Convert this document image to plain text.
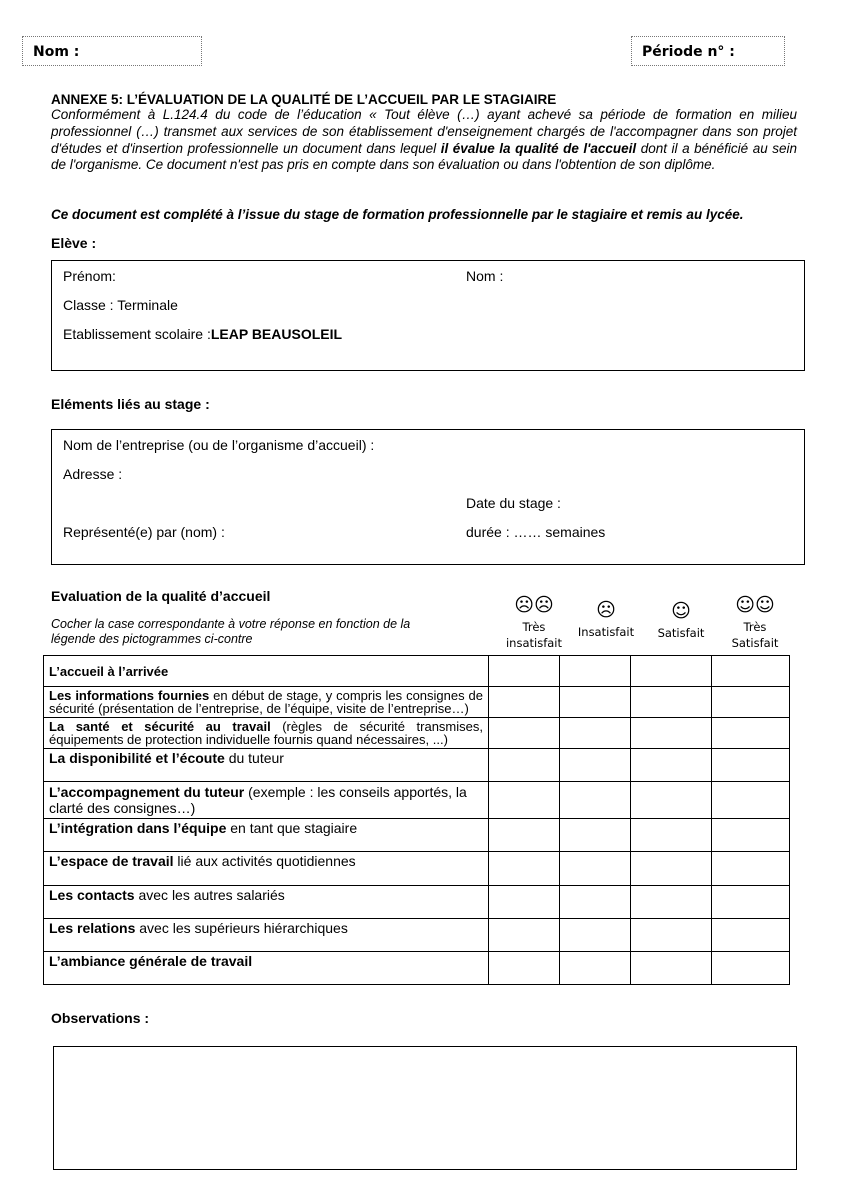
Nom :	Période n° :
ANNEXE 5: L’ÉVALUATION DE LA QUALITÉ DE L’ACCUEIL PAR LE STAGIAIRE
Conformément à L.124.4 du code de l’éducation « Tout élève (…) ayant achevé sa période de formation en milieu professionnel (…) transmet aux services de son établissement d'enseignement chargés de l'accompagner dans son projet d'études et d'insertion professionnelle un document dans lequel il évalue la qualité de l'accueil dont il a bénéficié au sein de l'organisme. Ce document n'est pas pris en compte dans son évaluation ou dans l'obtention de son diplôme.
Ce document est complété à l’issue du stage de formation professionnelle par le stagiaire et remis au lycée.
Elève :
Prénom:	Nom :
Classe : Terminale
Etablissement scolaire :LEAP BEAUSOLEIL
Eléments liés au stage :
Nom de l’entreprise (ou de l’organisme d’accueil) :
Adresse :
Date du stage :
Représenté(e) par (nom) :	durée : …… semaines
Evaluation de la qualité d’accueil
Cocher la case correspondante à votre réponse en fonction de la légende des pictogrammes ci-contre
☹☹
Très
insatisfait
☹
Insatisfait
☺
Satisfait
☺☺
Très
Satisfait
L’accueil à l’arrivée				
Les informations fournies en début de stage, y compris les consignes de sécurité (présentation de l’entreprise, de l’équipe, visite de l’entreprise…)				
La santé et sécurité au travail (règles de sécurité transmises, équipements de protection individuelle fournis quand nécessaires, ...)				
La disponibilité et l’écoute du tuteur				
L’accompagnement du tuteur (exemple : les conseils apportés, la clarté des consignes…)				
L’intégration dans l’équipe en tant que stagiaire				
L’espace de travail lié aux activités quotidiennes				
Les contacts avec les autres salariés				
Les relations avec les supérieurs hiérarchiques				
L’ambiance générale de travail				
Observations :
